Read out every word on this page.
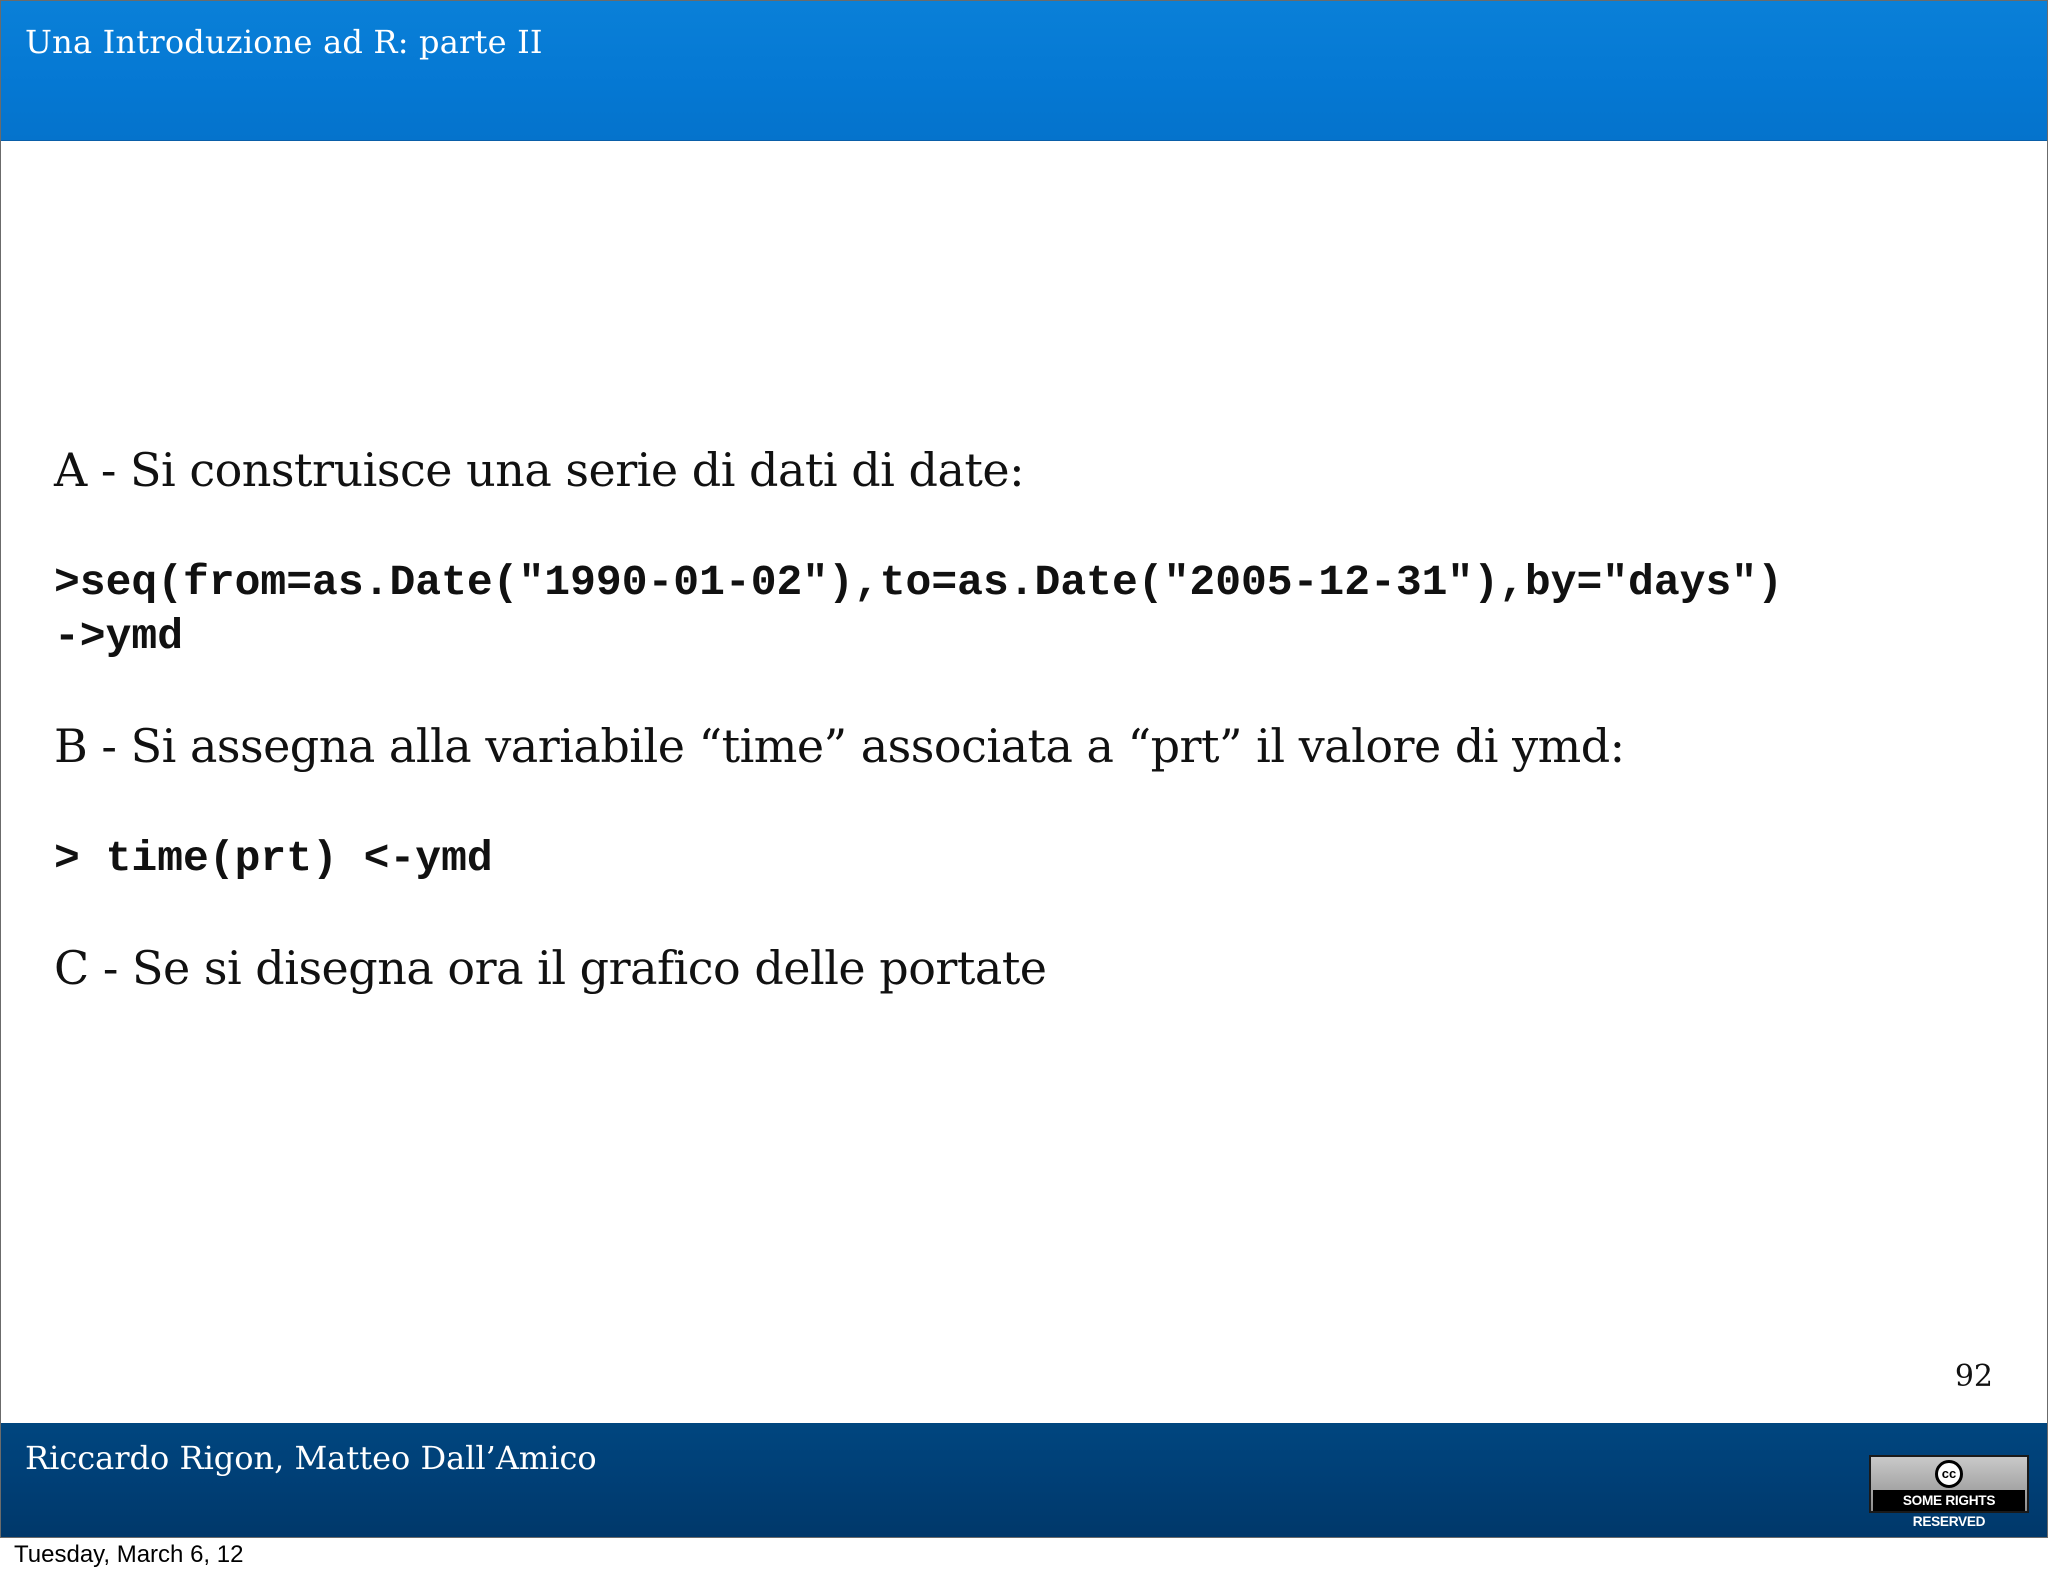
Una Introduzione ad R: parte II
A - Si construisce una serie di dati di date:
>seq(from=as.Date("1990-01-02"),to=as.Date("2005-12-31"),by="days")
->ymd
B - Si assegna alla variabile “time” associata a “prt” il valore di ymd:
> time(prt) <-ymd
C - Se si disegna ora il grafico delle portate
92
Riccardo Rigon, Matteo Dall’Amico	cc
SOME RIGHTS RESERVED
Tuesday, March 6, 12
